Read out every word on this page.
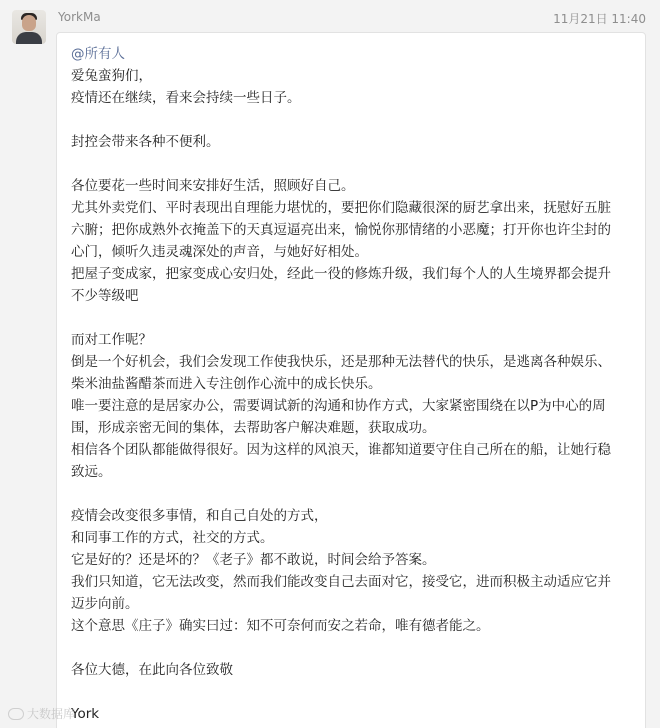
YorkMa	11月21日 11:40
@所有人
爱兔蛮狗们，
疫情还在继续，看来会持续一些日子。
封控会带来各种不便利。
各位要花一些时间来安排好生活，照顾好自己。
尤其外卖党们、平时表现出自理能力堪忧的，要把你们隐藏很深的厨艺拿出来，抚慰好五脏
六腑；把你成熟外衣掩盖下的天真逗逼亮出来，愉悦你那情绪的小恶魔；打开你也许尘封的
心门，倾听久违灵魂深处的声音，与她好好相处。
把屋子变成家，把家变成心安归处，经此一役的修炼升级，我们每个人的人生境界都会提升
不少等级吧
而对工作呢？
倒是一个好机会，我们会发现工作使我快乐，还是那种无法替代的快乐，是逃离各种娱乐、
柴米油盐酱醋茶而进入专注创作心流中的成长快乐。
唯一要注意的是居家办公，需要调试新的沟通和协作方式，大家紧密围绕在以P为中心的周
围，形成亲密无间的集体，去帮助客户解决难题，获取成功。
相信各个团队都能做得很好。因为这样的风浪天，谁都知道要守住自己所在的船，让她行稳
致远。
疫情会改变很多事情，和自己自处的方式，
和同事工作的方式，社交的方式。
它是好的？还是坏的？《老子》都不敢说，时间会给予答案。
我们只知道，它无法改变，然而我们能改变自己去面对它，接受它，进而积极主动适应它并
迈步向前。
这个意思《庄子》确实曰过：知不可奈何而安之若命，唯有德者能之。
各位大德，在此向各位致敬
York
大数据库
